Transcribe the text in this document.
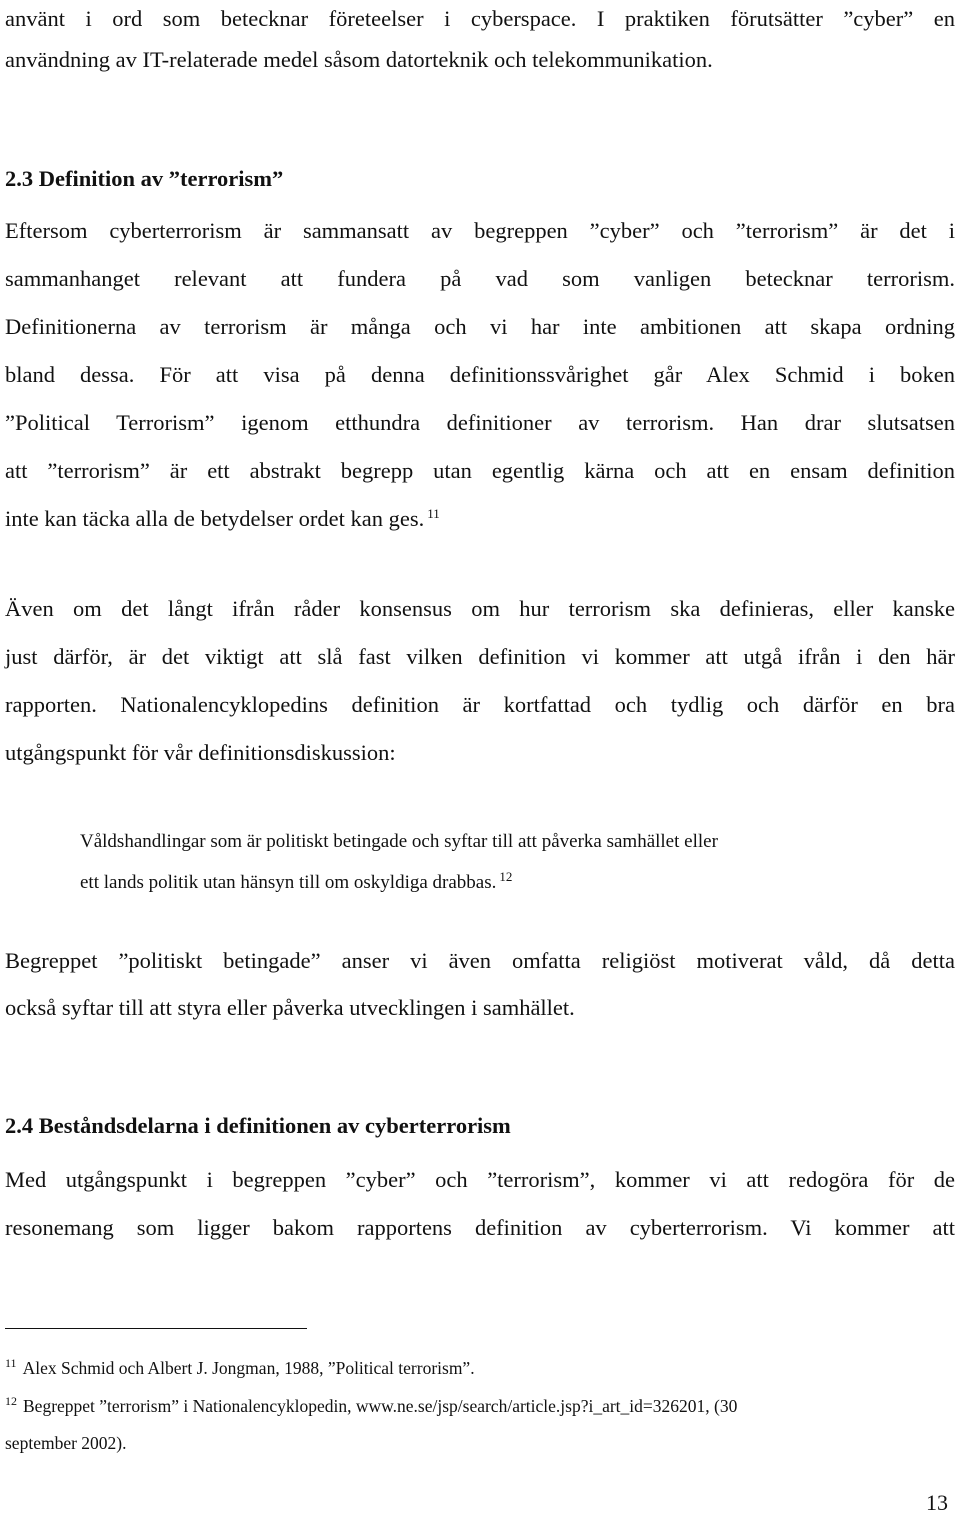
använt i ord som betecknar företeelser i cyberspace. I praktiken förutsätter ”cyber” en
användning av IT-relaterade medel såsom datorteknik och telekommunikation.
2.3 Definition av ”terrorism”
Eftersom cyberterrorism är sammansatt av begreppen ”cyber” och ”terrorism” är det i
sammanhanget relevant att fundera på vad som vanligen betecknar terrorism.
Definitionerna av terrorism är många och vi har inte ambitionen att skapa ordning
bland dessa. För att visa på denna definitionssvårighet går Alex Schmid i boken
”Political Terrorism” igenom etthundra definitioner av terrorism. Han drar slutsatsen
att ”terrorism” är ett abstrakt begrepp utan egentlig kärna och att en ensam definition
inte kan täcka alla de betydelser ordet kan ges. $^{11}$
Även om det långt ifrån råder konsensus om hur terrorism ska definieras, eller kanske
just därför, är det viktigt att slå fast vilken definition vi kommer att utgå ifrån i den här
rapporten. Nationalencyklopedins definition är kortfattad och tydlig och därför en bra
utgångspunkt för vår definitionsdiskussion:
Våldshandlingar som är politiskt betingade och syftar till att påverka samhället eller
ett lands politik utan hänsyn till om oskyldiga drabbas. $^{12}$
Begreppet ”politiskt betingade” anser vi även omfatta religiöst motiverat våld, då detta
också syftar till att styra eller påverka utvecklingen i samhället.
2.4 Beståndsdelarna i definitionen av cyberterrorism
Med utgångspunkt i begreppen ”cyber” och ”terrorism”, kommer vi att redogöra för de
resonemang som ligger bakom rapportens definition av cyberterrorism. Vi kommer att
$^{11}$ Alex Schmid och Albert J. Jongman, 1988, ”Political terrorism”.
$^{12}$ Begreppet ”terrorism” i Nationalencyklopedin, www.ne.se/jsp/search/article.jsp?i_art_id=326201, (30
september 2002).
13
